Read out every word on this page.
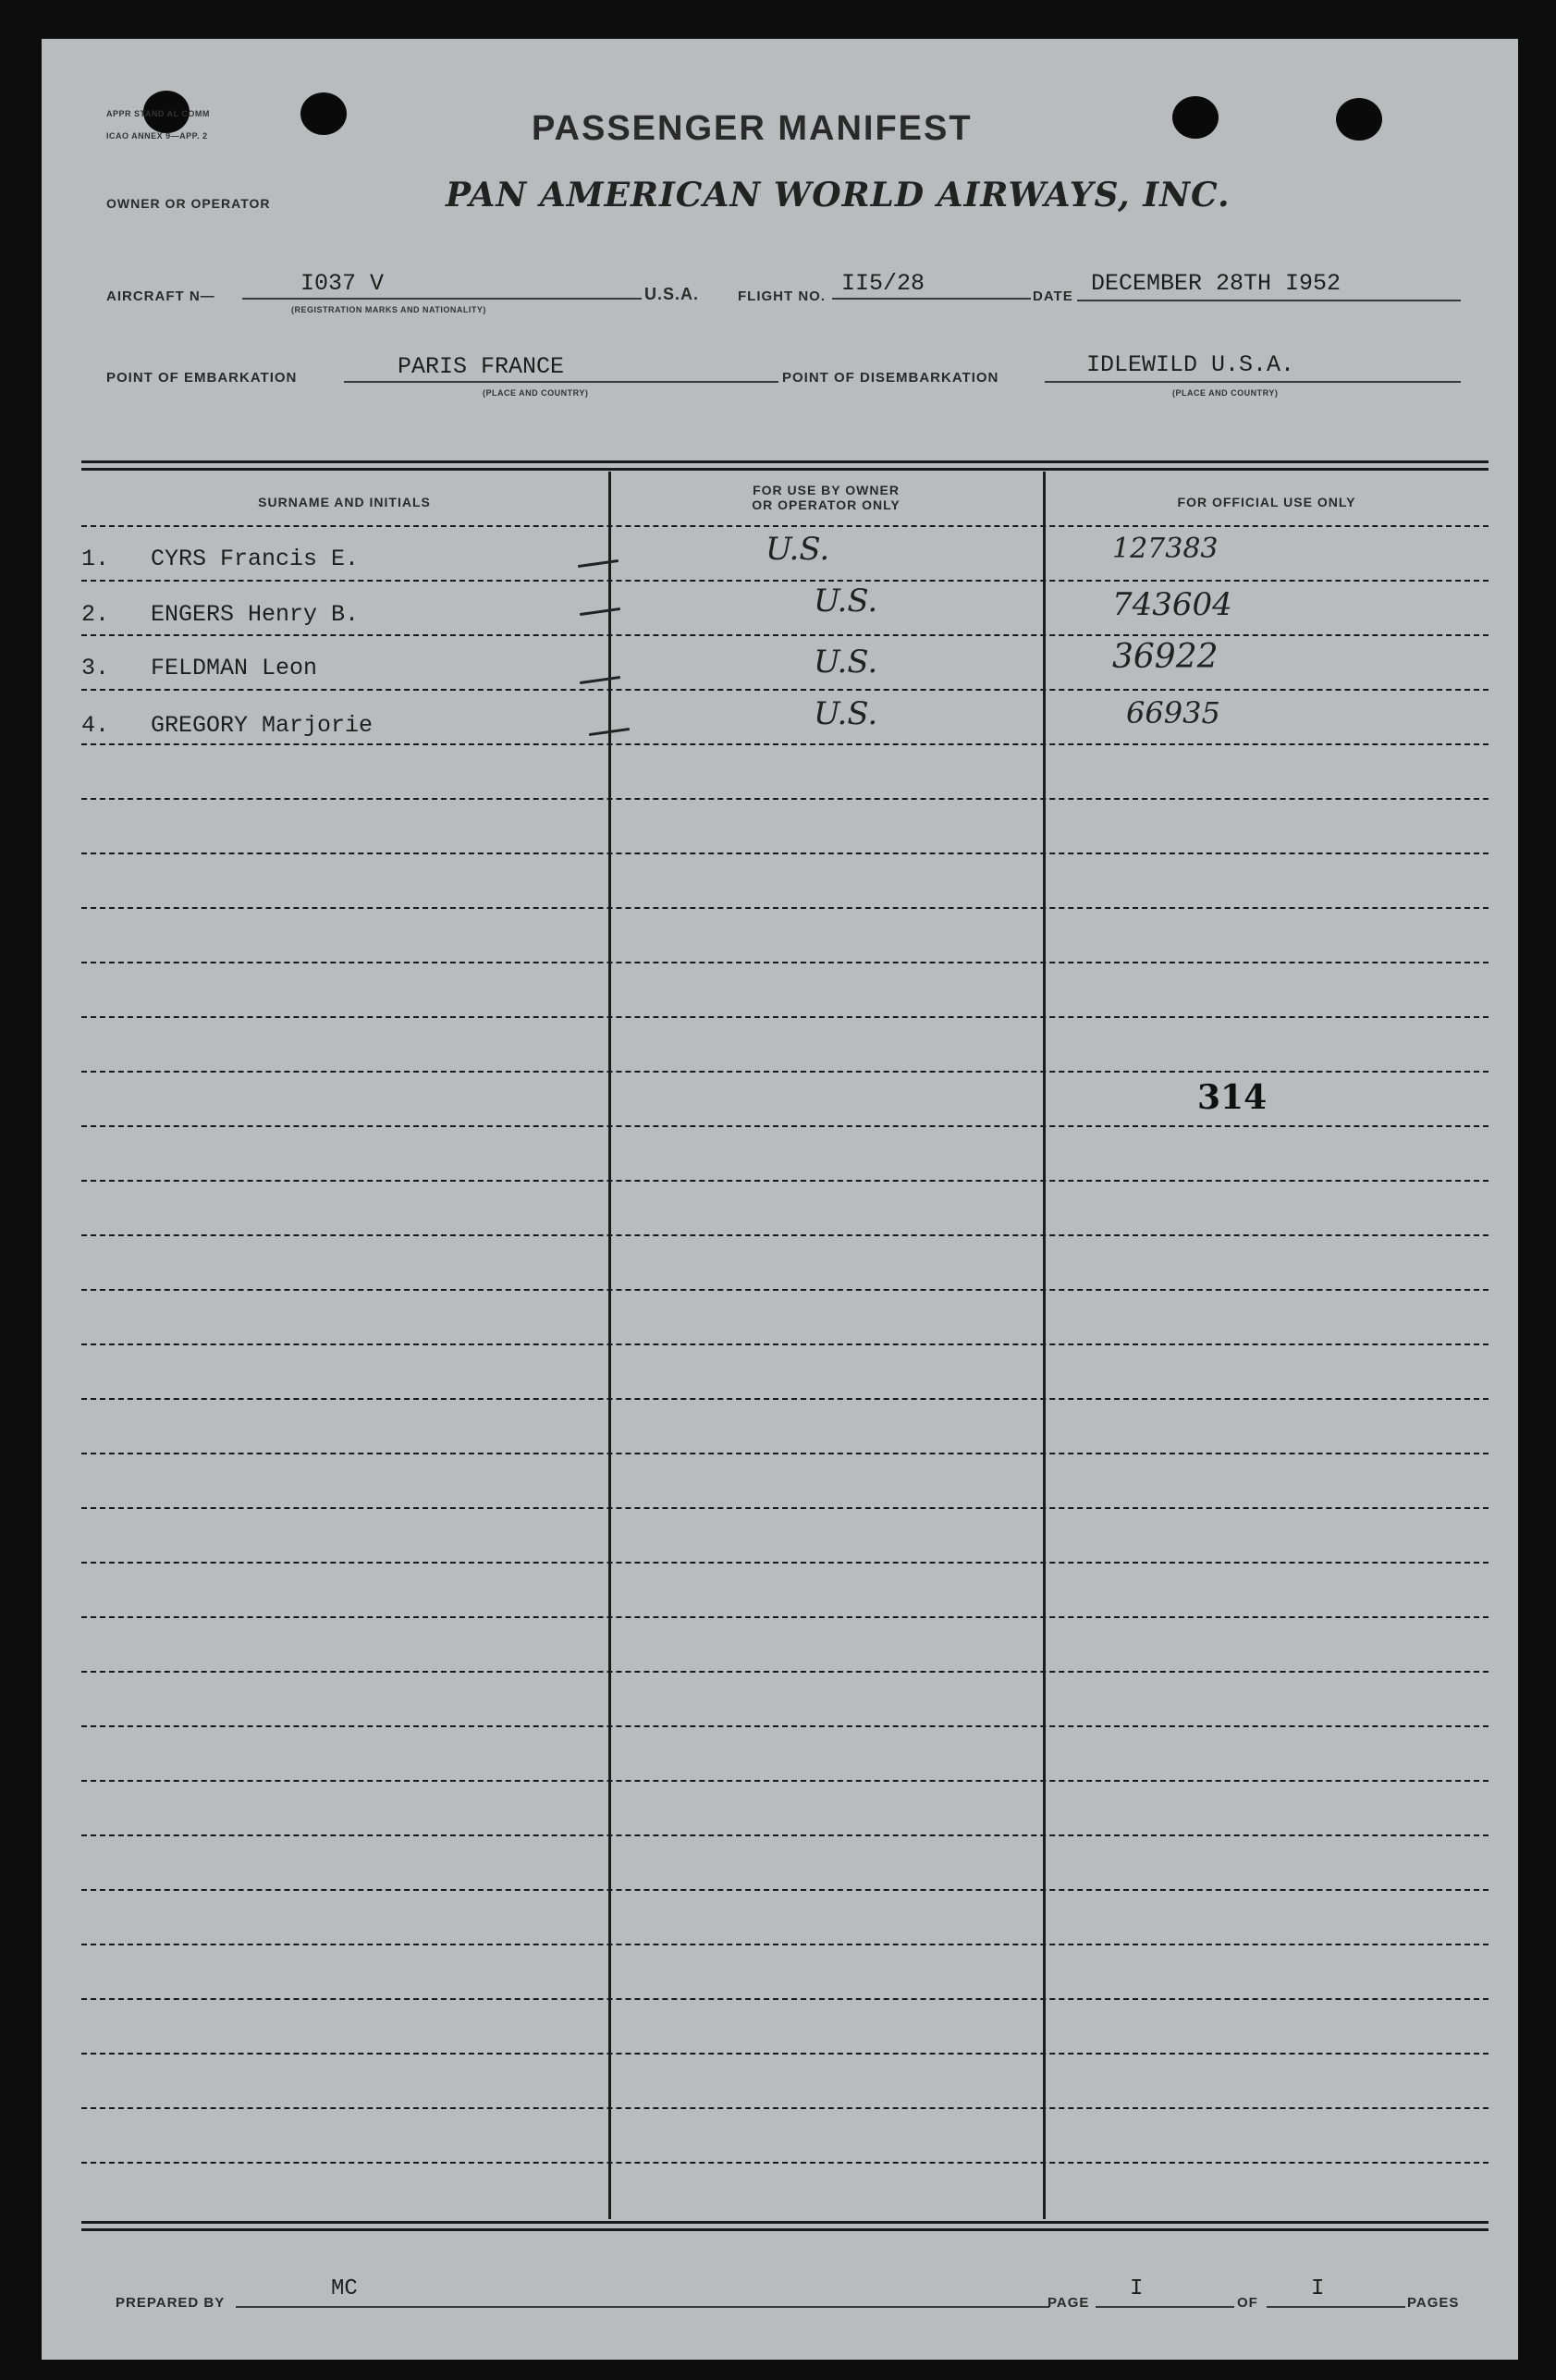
APPR STAND AL COMM
ICAO ANNEX 9—APP. 2	PASSENGER MANIFEST
OWNER OR OPERATOR	PAN AMERICAN WORLD AIRWAYS, INC.
AIRCRAFT N—	I037 V
(REGISTRATION MARKS AND NATIONALITY)
U.S.A.	FLIGHT NO. II5/28	DATE DECEMBER 28TH I952
POINT OF EMBARKATION	PARIS FRANCE
(PLACE AND COUNTRY)
POINT OF DISEMBARKATION	IDLEWILD U.S.A.
(PLACE AND COUNTRY)
SURNAME AND INITIALS
FOR USE BY OWNER
OR OPERATOR ONLY	FOR OFFICIAL USE ONLY
1. CYRS Francis E.	U.S.	127383
2. ENGERS Henry B.	U.S.	743604
3. FELDMAN Leon	U.S.	36922
4. GREGORY Marjorie	U.S.	66935
314
PREPARED BY
MC
PAGE
I
OF
I
PAGES
